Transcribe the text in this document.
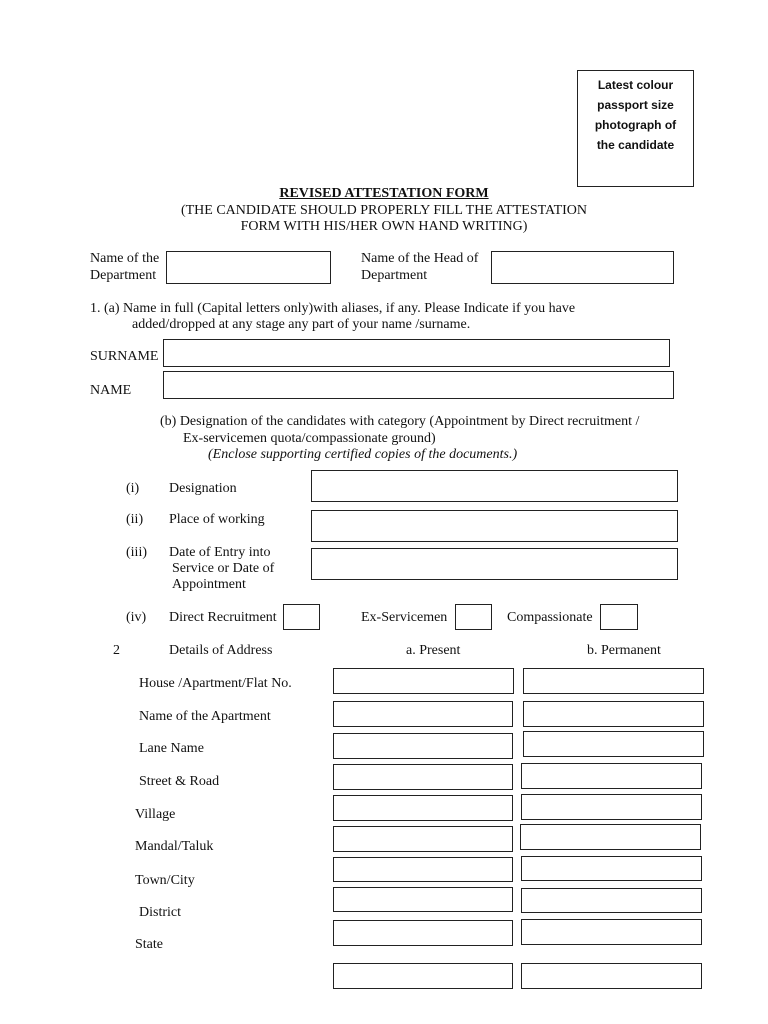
Latest colour
passport size
photograph of
the candidate
REVISED ATTESTATION FORM
(THE CANDIDATE SHOULD PROPERLY FILL THE ATTESTATION
FORM WITH HIS/HER OWN HAND WRITING)
Name of the
Department
Name of the Head of
Department
1. (a) Name in full (Capital letters only)with aliases, if any. Please Indicate if you have
added/dropped at any stage any part of your name /surname.
SURNAME
NAME
(b) Designation of the candidates with category (Appointment by Direct recruitment /
Ex-servicemen quota/compassionate ground)
(Enclose supporting certified copies of the documents.)
(i) Designation
(ii) Place of working
(iii) Date of Entry into
Service or Date of
Appointment
(iv) Direct Recruitment	Ex-Servicemen	Compassionate
2	Details of Address	a. Present	b. Permanent
House /Apartment/Flat No.
Name of the Apartment
Lane Name
Street & Road
Village
Mandal/Taluk
Town/City
District
State
